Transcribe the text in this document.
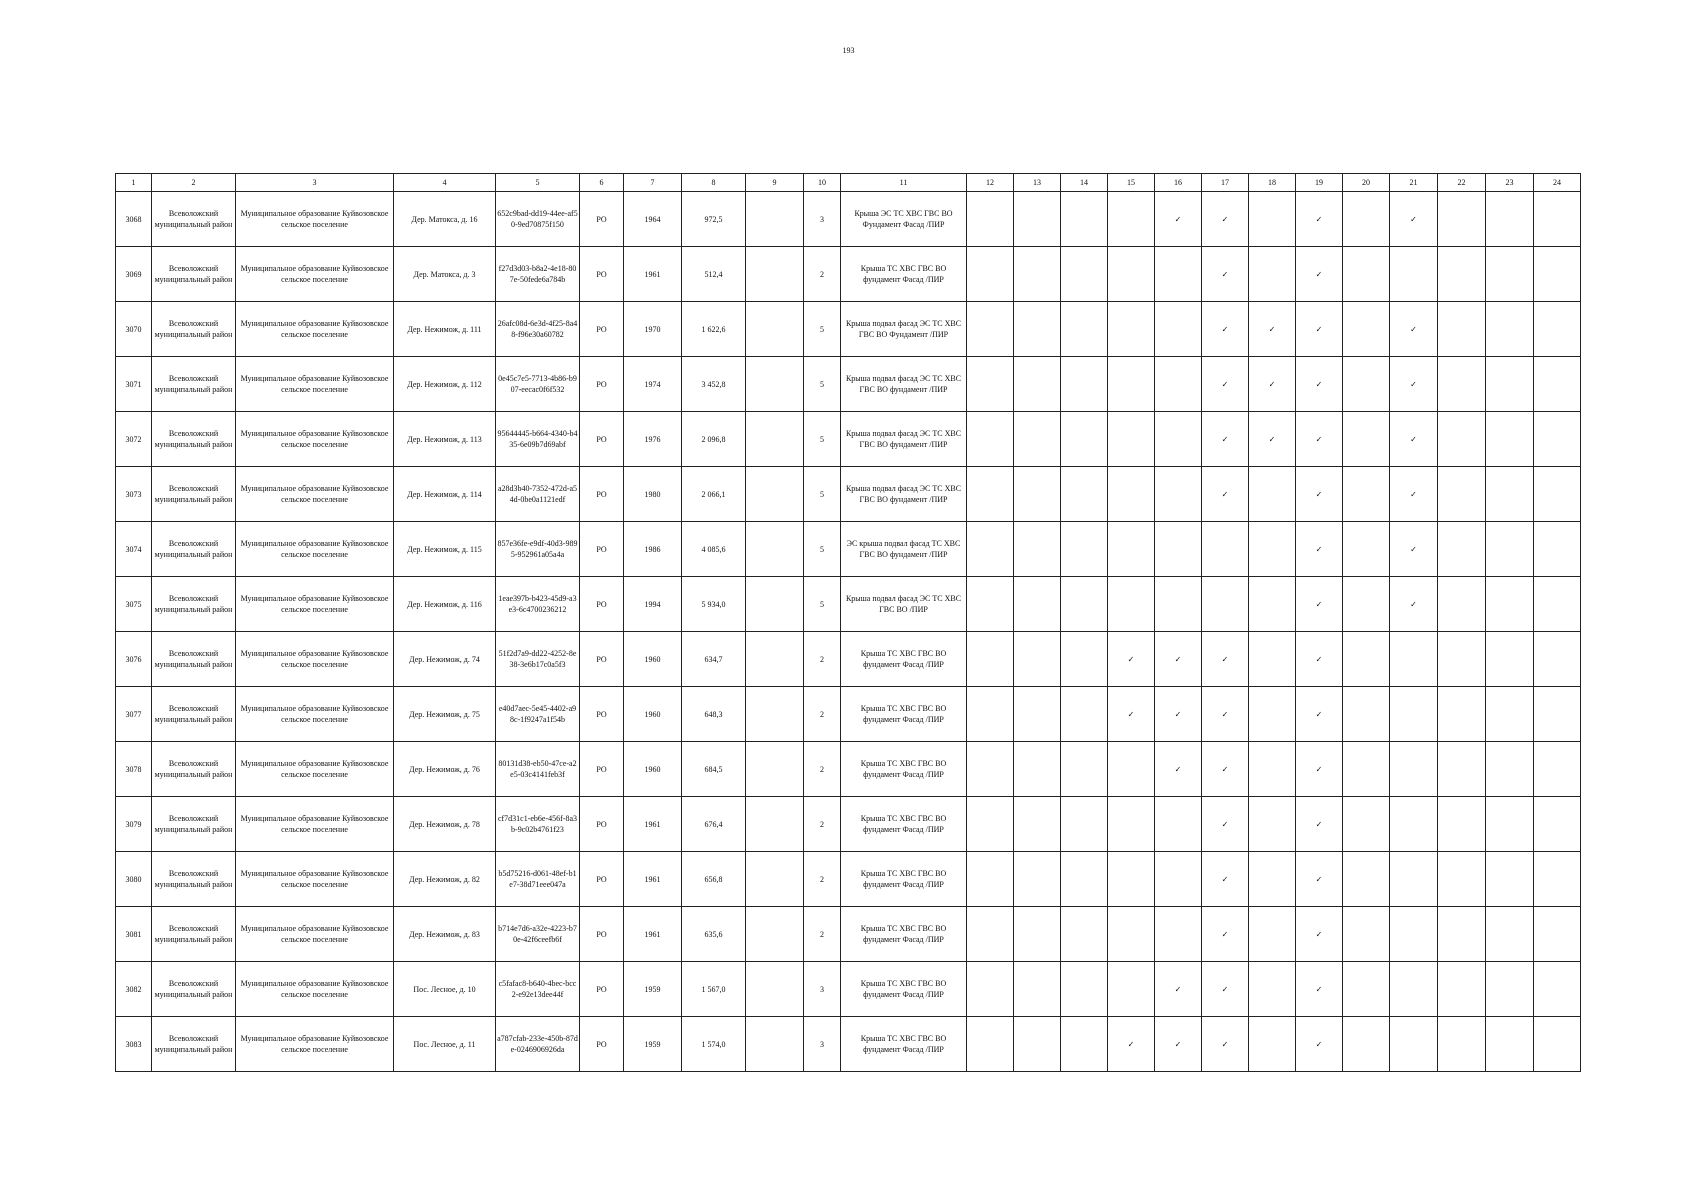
193
1	2	3	4	5	6	7	8	9	10	11	12	13	14	15	16	17	18	19	20	21	22	23	24
3068	Всеволожский муниципальный район	Муниципальное образование Куйвозовское сельское поселение	Дер. Матокса, д. 16	652c9bad-dd19-44ee-af50-9ed70875f150	РО	1964	972,5		3	Крыша ЭС ТС ХВС ГВС ВО Фундамент Фасад /ПИР					✓	✓		✓		✓			
3069	Всеволожский муниципальный район	Муниципальное образование Куйвозовское сельское поселение	Дер. Матокса, д. 3	f27d3d03-b8a2-4e18-807e-50fede6a784b	РО	1961	512,4		2	Крыша ТС ХВС ГВС ВО фундамент Фасад /ПИР						✓		✓					
3070	Всеволожский муниципальный район	Муниципальное образование Куйвозовское сельское поселение	Дер. Нежимож, д. 111	26afc08d-6e3d-4f25-8a48-f96e30a60782	РО	1970	1 622,6		5	Крыша подвал фасад ЭС ТС ХВС ГВС ВО Фундамент /ПИР						✓	✓	✓		✓			
3071	Всеволожский муниципальный район	Муниципальное образование Куйвозовское сельское поселение	Дер. Нежимож, д. 112	0e45c7e5-7713-4b86-b907-eecac0f6f532	РО	1974	3 452,8		5	Крыша подвал фасад ЭС ТС ХВС ГВС ВО фундамент /ПИР						✓	✓	✓		✓			
3072	Всеволожский муниципальный район	Муниципальное образование Куйвозовское сельское поселение	Дер. Нежимож, д. 113	95644445-b664-4340-b435-6e09b7d69abf	РО	1976	2 096,8		5	Крыша подвал фасад ЭС ТС ХВС ГВС ВО фундамент /ПИР						✓	✓	✓		✓			
3073	Всеволожский муниципальный район	Муниципальное образование Куйвозовское сельское поселение	Дер. Нежимож, д. 114	a28d3b40-7352-472d-a54d-0be0a1121edf	РО	1980	2 066,1		5	Крыша подвал фасад ЭС ТС ХВС ГВС ВО фундамент /ПИР						✓		✓		✓			
3074	Всеволожский муниципальный район	Муниципальное образование Куйвозовское сельское поселение	Дер. Нежимож, д. 115	857e36fe-e9df-40d3-9895-952961a05a4a	РО	1986	4 085,6		5	ЭС крыша подвал фасад ТС ХВС ГВС ВО фундамент /ПИР								✓		✓			
3075	Всеволожский муниципальный район	Муниципальное образование Куйвозовское сельское поселение	Дер. Нежимож, д. 116	1eae397b-b423-45d9-a3e3-6c4700236212	РО	1994	5 934,0		5	Крыша подвал фасад ЭС ТС ХВС ГВС ВО /ПИР								✓		✓			
3076	Всеволожский муниципальный район	Муниципальное образование Куйвозовское сельское поселение	Дер. Нежимож, д. 74	51f2d7a9-dd22-4252-8e38-3e6b17c0a5f3	РО	1960	634,7		2	Крыша ТС ХВС ГВС ВО фундамент Фасад /ПИР				✓	✓	✓		✓					
3077	Всеволожский муниципальный район	Муниципальное образование Куйвозовское сельское поселение	Дер. Нежимож, д. 75	e40d7aec-5e45-4402-a98c-1f9247a1f54b	РО	1960	648,3		2	Крыша ТС ХВС ГВС ВО фундамент Фасад /ПИР				✓	✓	✓		✓					
3078	Всеволожский муниципальный район	Муниципальное образование Куйвозовское сельское поселение	Дер. Нежимож, д. 76	80131d38-eb50-47ce-a2e5-03c4141feb3f	РО	1960	684,5		2	Крыша ТС ХВС ГВС ВО фундамент Фасад /ПИР					✓	✓		✓					
3079	Всеволожский муниципальный район	Муниципальное образование Куйвозовское сельское поселение	Дер. Нежимож, д. 78	cf7d31c1-eb6e-456f-8a3b-9c02b4761f23	РО	1961	676,4		2	Крыша ТС ХВС ГВС ВО фундамент Фасад /ПИР						✓		✓					
3080	Всеволожский муниципальный район	Муниципальное образование Куйвозовское сельское поселение	Дер. Нежимож, д. 82	b5d75216-d061-48ef-b1e7-38d71eee047a	РО	1961	656,8		2	Крыша ТС ХВС ГВС ВО фундамент Фасад /ПИР						✓		✓					
3081	Всеволожский муниципальный район	Муниципальное образование Куйвозовское сельское поселение	Дер. Нежимож, д. 83	b714e7d6-a32e-4223-b70e-42f6ceefb6f	РО	1961	635,6		2	Крыша ТС ХВС ГВС ВО фундамент Фасад /ПИР						✓		✓					
3082	Всеволожский муниципальный район	Муниципальное образование Куйвозовское сельское поселение	Пос. Лесное, д. 10	c5fafac8-b640-4bec-bcc2-e92e13dee44f	РО	1959	1 567,0		3	Крыша ТС ХВС ГВС ВО фундамент Фасад /ПИР					✓	✓		✓					
3083	Всеволожский муниципальный район	Муниципальное образование Куйвозовское сельское поселение	Пос. Лесное, д. 11	a787cfab-233e-450b-87de-0246906926da	РО	1959	1 574,0		3	Крыша ТС ХВС ГВС ВО фундамент Фасад /ПИР				✓	✓	✓		✓					
